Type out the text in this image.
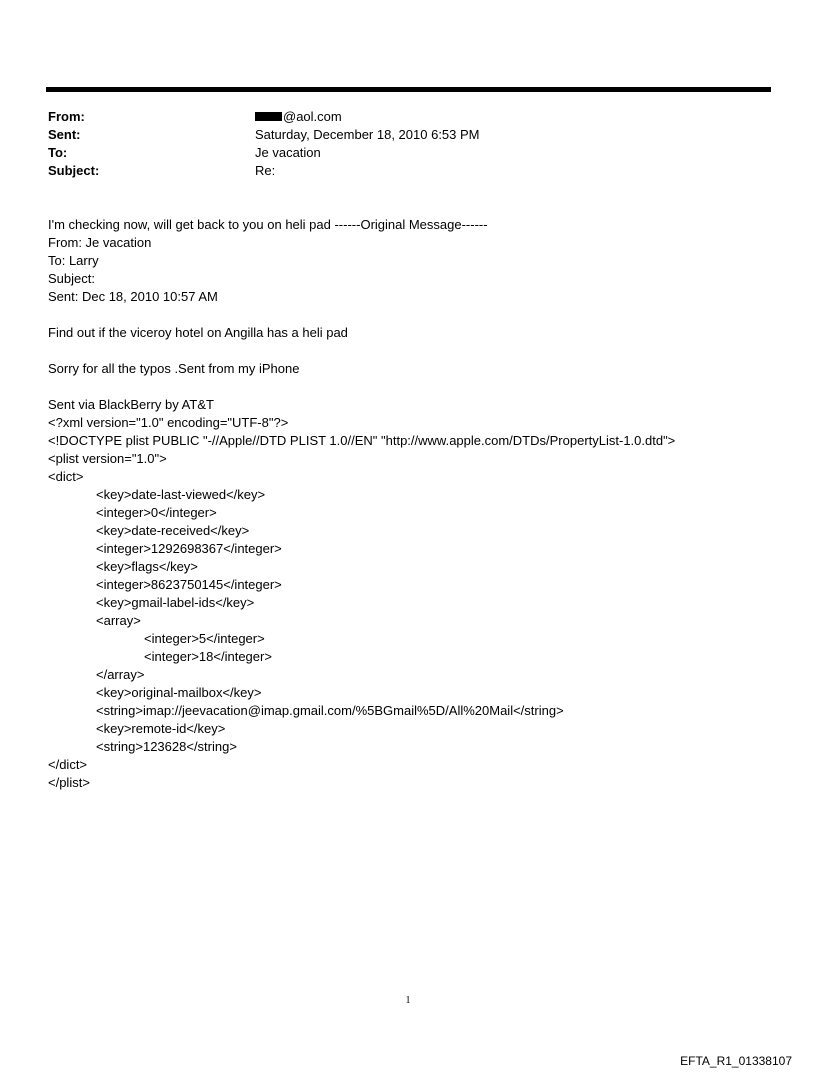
From:	@aol.com
Sent:	Saturday, December 18, 2010 6:53 PM
To:	Je vacation
Subject:	Re:
I'm checking now, will get back to you on heli pad ------Original Message------
From: Je vacation
To: Larry
Subject:
Sent: Dec 18, 2010 10:57 AM
Find out if the viceroy hotel on Angilla has a heli pad
Sorry for all the typos .Sent from my iPhone
Sent via BlackBerry by AT&T
<?xml version="1.0" encoding="UTF-8"?>
<!DOCTYPE plist PUBLIC "-//Apple//DTD PLIST 1.0//EN" "http://www.apple.com/DTDs/PropertyList-1.0.dtd">
<plist version="1.0">
<dict>
<key>date-last-viewed</key>
<integer>0</integer>
<key>date-received</key>
<integer>1292698367</integer>
<key>flags</key>
<integer>8623750145</integer>
<key>gmail-label-ids</key>
<array>
<integer>5</integer>
<integer>18</integer>
</array>
<key>original-mailbox</key>
<string>imap://jeevacation@imap.gmail.com/%5BGmail%5D/All%20Mail</string>
<key>remote-id</key>
<string>123628</string>
</dict>
</plist>
1
EFTA_R1_01338107
